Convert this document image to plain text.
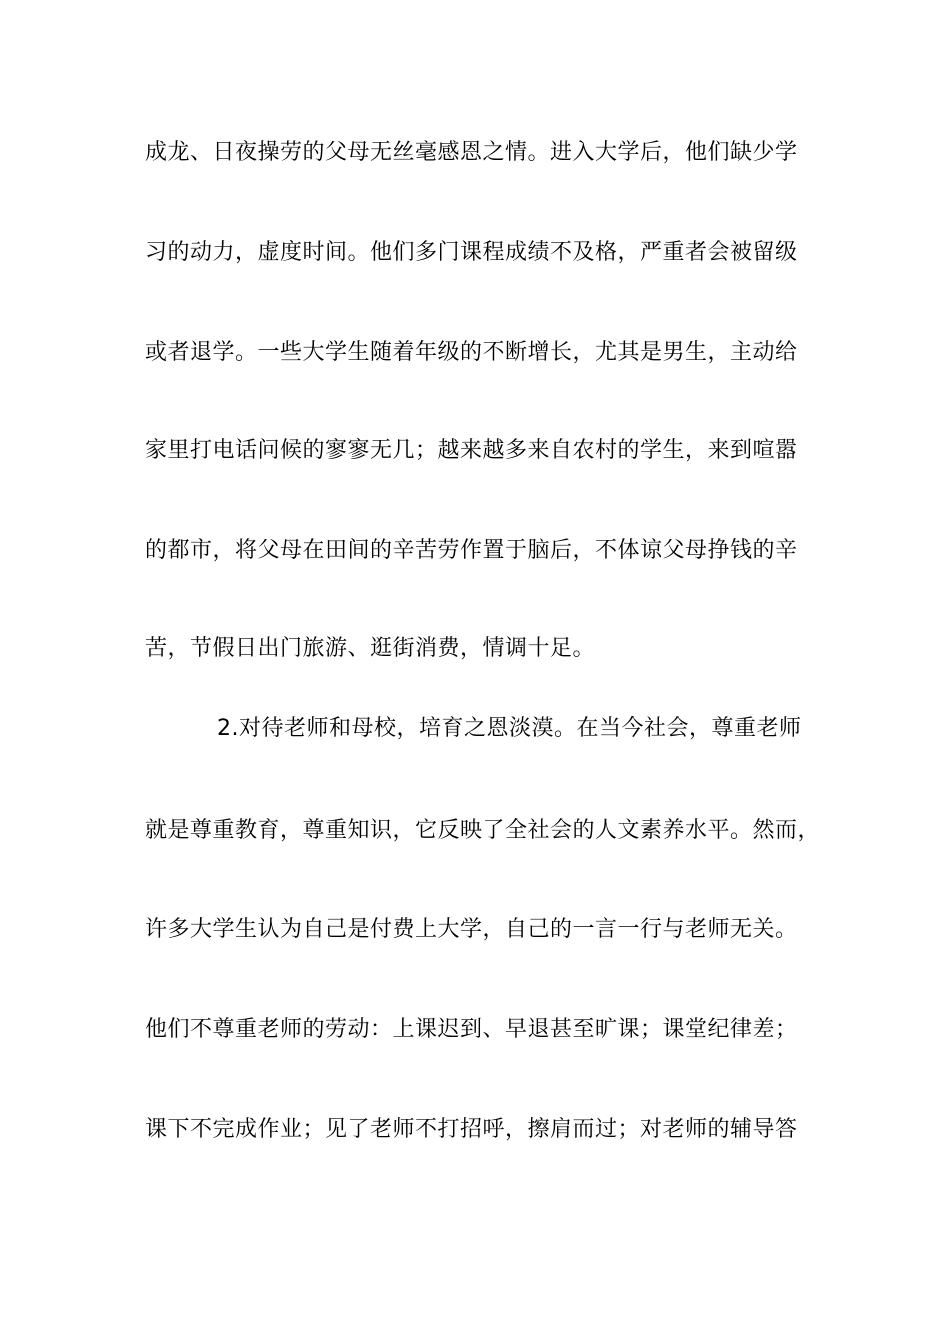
成龙、日夜操劳的父母无丝毫感恩之情。进入大学后，他们缺少学
习的动力，虚度时间。他们多门课程成绩不及格，严重者会被留级
或者退学。一些大学生随着年级的不断增长，尤其是男生，主动给
家里打电话问候的寥寥无几；越来越多来自农村的学生，来到喧嚣
的都市，将父母在田间的辛苦劳作置于脑后，不体谅父母挣钱的辛
苦，节假日出门旅游、逛街消费，情调十足。
2.对待老师和母校，培育之恩淡漠。在当今社会，尊重老师
就是尊重教育，尊重知识，它反映了全社会的人文素养水平。然而，
许多大学生认为自己是付费上大学，自己的一言一行与老师无关。
他们不尊重老师的劳动：上课迟到、早退甚至旷课；课堂纪律差；
课下不完成作业；见了老师不打招呼，擦肩而过；对老师的辅导答
